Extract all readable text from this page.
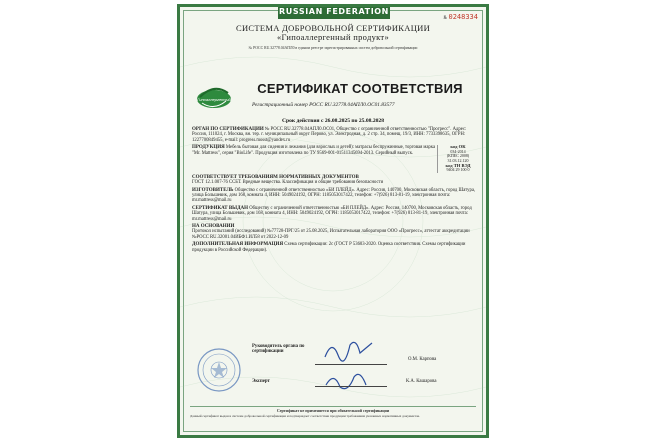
RUSSIAN FEDERATION
№ 0248334
СИСТЕМА ДОБРОВОЛЬНОЙ СЕРТИФИКАЦИИ
«Гипоаллергенный продукт»
№ РОСС RU.32778.04АПЛ0 в едином реестре зарегистрированных систем добровольной сертификации
Гипоаллергенный
СЕРТИФИКАТ СООТВЕТСТВИЯ
Регистрационный номер РОСС RU.32778.04АПЛ0.ОС01.83577
Срок действия с 26.08.2025 по 25.08.2028
ОРГАН ПО СЕРТИФИКАЦИИ № РОСС RU.32778.04АПЛ0.ОС01, Общество с ограниченной ответственностью "Прогресс". Адрес: Россия, 111024, г. Москва, вн. тер. г. муниципальный округ Перово, ул. Электродная, д. 2 стр. 34, помещ. 19/3, ИНН: 7733398635, ОГРН: 1227700849455, e-mail: progress.mosst@yandex.ru
ПРОДУКЦИЯ Мебель бытовая для сидения и лежания (для взрослых и детей): матрасы беспружинные, торговая марка "Mr. Mattress", серия "BioLife". Продукция изготовлена по ТУ 9569-001-01511345694-2013. Серийный выпуск.
код ОК
034-2014
(КПЕС 2008)
31.03.12.120
код ТН ВЭД
9404 29 100 0
СООТВЕТСТВУЕТ ТРЕБОВАНИЯМ НОРМАТИВНЫХ ДОКУМЕНТОВ
ГОСТ 12.1.007-76 ССБТ. Вредные вещества. Классификация и общие требования безопасности
ИЗГОТОВИТЕЛЬ Общество с ограниченной ответственностью «БИ ПЛЕЙД». Адрес: Россия, 140700, Московская область, город Шатура, улица Большевик, дом 168, комната 4, ИНН: 5049024192, ОГРН: 1185053017422, телефон: +7(926) 813-81-19, электронная почта: mr.mattress@mail.ru
СЕРТИФИКАТ ВЫДАН Обществу с ограниченной ответственностью «БИ ПЛЕЙД». Адрес: Россия, 140700, Московская область, город Шатура, улица Большевик, дом 168, комната 4, ИНН: 5049024192, ОГРН: 1185053017422, телефон: +7(926) 813-81-19, электронная почта: mr.mattress@mail.ru
НА ОСНОВАНИИ
Протокол испытаний (исследований) №77728-ПРГ/25 от 25.08.2025, Испытательная лаборатория ООО «Прогресс», аттестат аккредитации №РОСС RU.32001.04ИБФ1.ИЛ58 от 2022-12-09
ДОПОЛНИТЕЛЬНАЯ ИНФОРМАЦИЯ Схема сертификации: 2с (ГОСТ Р 53603-2020. Оценка соответствия. Схемы сертификации продукции в Российской Федерации).
Руководитель органа по сертификации
О.М. Карпова
Эксперт	К.А. Кашарова
Сертификат не применяется при обязательной сертификации
Данный сертификат выдан в системе добровольной сертификации и подтверждает соответствие продукции требованиям указанных нормативных документов.
